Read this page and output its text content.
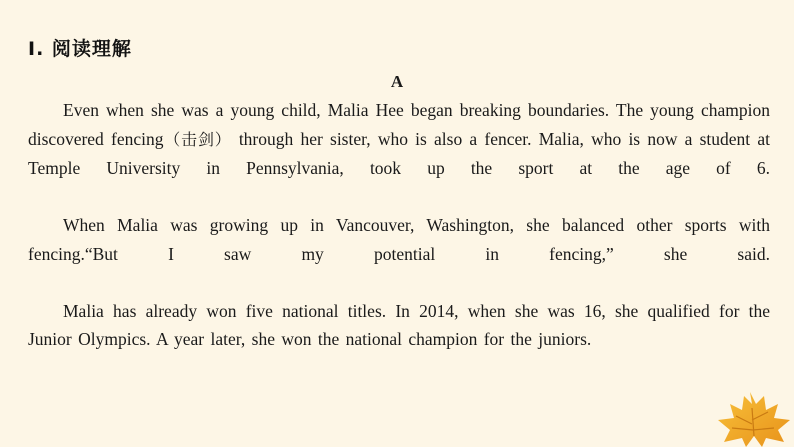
Ⅰ. 阅读理解
A

Even when she was a young child, Malia Hee began breaking boundaries. The young champion discovered fencing（击剑） through her sister, who is also a fencer. Malia, who is now a student at Temple University in Pennsylvania, took up the sport at the age of 6.

When Malia was growing up in Vancouver, Washington, she balanced other sports with fencing.“But I saw my potential in fencing,” she said.

Malia has already won five national titles. In 2014, when she was 16, she qualified for the Junior Olympics. A year later, she won the national champion for the juniors.
